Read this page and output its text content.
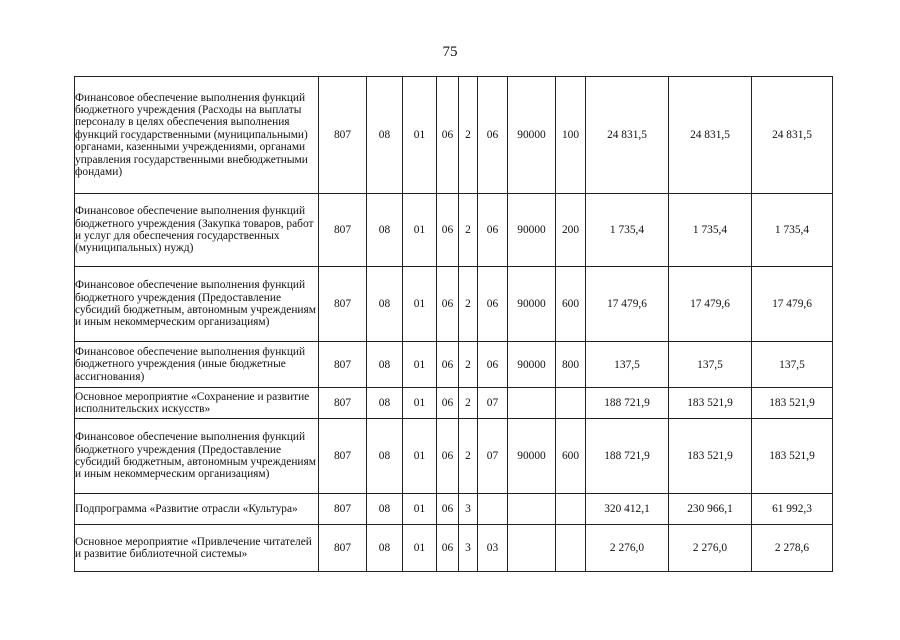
75
Финансовое обеспечение выполнения функций бюджетного учреждения (Расходы на выплаты персоналу в целях обеспечения выполнения функций государственными (муниципальными) органами, казенными учреждениями, органами управления государственными внебюджетными фондами)	807	08	01	06	2	06	90000	100	24 831,5	24 831,5	24 831,5
Финансовое обеспечение выполнения функций бюджетного учреждения (Закупка товаров, работ и услуг для обеспечения государственных (муниципальных) нужд)	807	08	01	06	2	06	90000	200	1 735,4	1 735,4	1 735,4
Финансовое обеспечение выполнения функций бюджетного учреждения (Предоставление субсидий бюджетным, автономным учреждениям и иным некоммерческим организациям)	807	08	01	06	2	06	90000	600	17 479,6	17 479,6	17 479,6
Финансовое обеспечение выполнения функций бюджетного учреждения (иные бюджетные ассигнования)	807	08	01	06	2	06	90000	800	137,5	137,5	137,5
Основное мероприятие «Сохранение и развитие исполнительских искусств»	807	08	01	06	2	07			188 721,9	183 521,9	183 521,9
Финансовое обеспечение выполнения функций бюджетного учреждения (Предоставление субсидий бюджетным, автономным учреждениям и иным некоммерческим организациям)	807	08	01	06	2	07	90000	600	188 721,9	183 521,9	183 521,9
Подпрограмма «Развитие отрасли «Культура»	807	08	01	06	3				320 412,1	230 966,1	61 992,3
Основное мероприятие «Привлечение читателей и развитие библиотечной системы»	807	08	01	06	3	03			2 276,0	2 276,0	2 278,6
